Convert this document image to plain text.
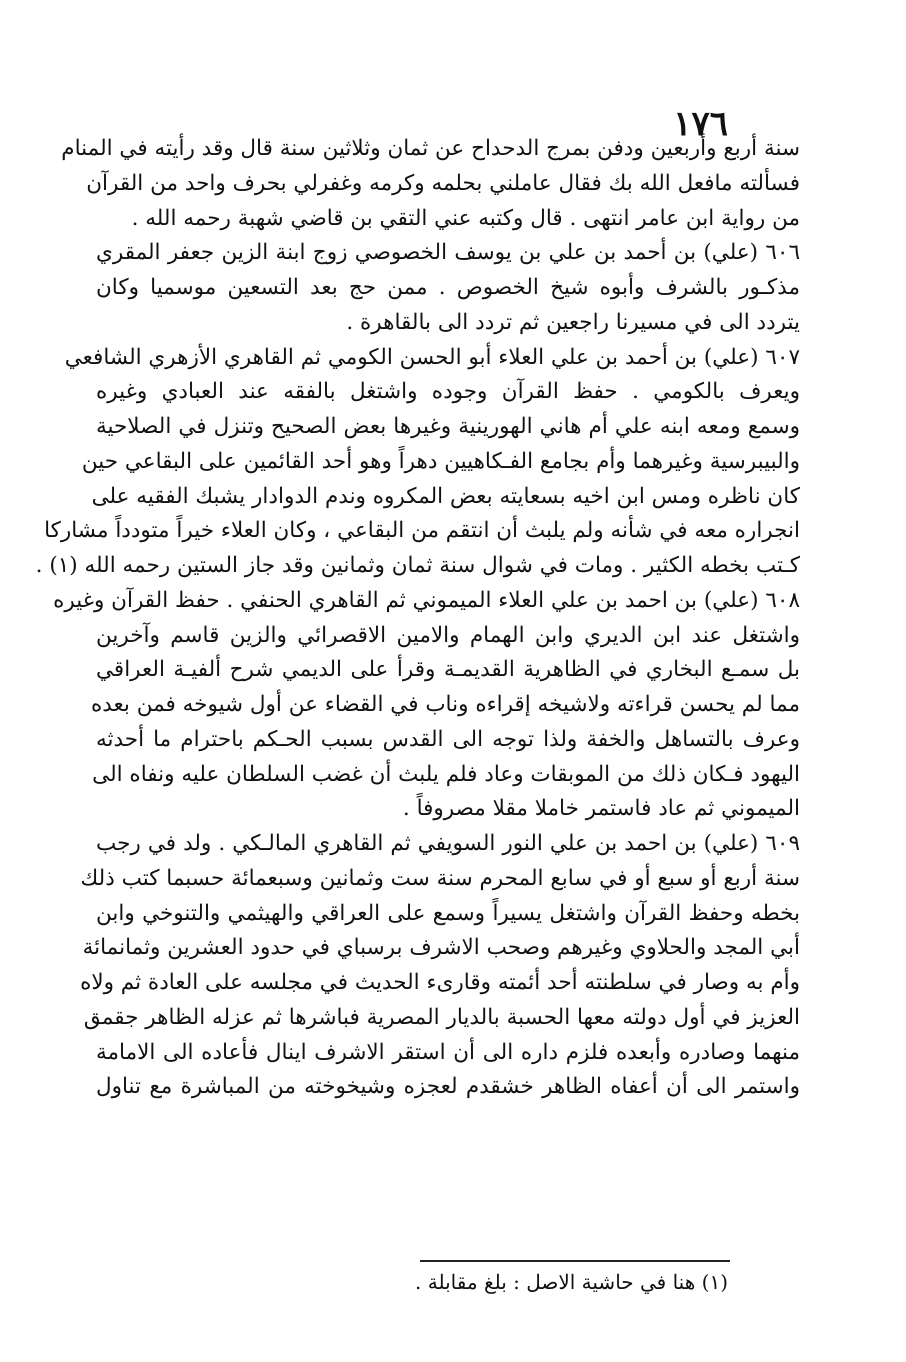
١٧٦
سنة أربع وأربعين ودفن بمرج الدحداح عن ثمان وثلاثين سنة قال وقد رأيته في المنام
فسألته مافعل الله بك فقال عاملني بحلمه وكرمه وغفرلي بحرف واحد من القرآن
من رواية ابن عامر انتهى . قال وكتبه عني التقي بن قاضي شهبة رحمه الله .
٦٠٦ (علي) بن أحمد بن علي بن يوسف الخصوصي زوج ابنة الزين جعفر المقري
مذكـور بالشرف وأبوه شيخ الخصوص . ممن حج بعد التسعين موسميا وكان
يتردد الى في مسيرنا راجعين ثم تردد الى بالقاهرة .
٦٠٧ (علي) بن أحمد بن علي العلاء أبو الحسن الكومي ثم القاهري الأزهري الشافعي
ويعرف بالكومي . حفظ القرآن وجوده واشتغل بالفقه عند العبادي وغيره
وسمع ومعه ابنه علي أم هاني الهورينية وغيرها بعض الصحيح وتنزل في الصلاحية
والبيبرسية وغيرهما وأم بجامع الفـكاهيين دهراً وهو أحد القائمين على البقاعي حين
كان ناظره ومس ابن اخيه بسعايته بعض المكروه وندم الدوادار يشبك الفقيه على
انجراره معه في شأنه ولم يلبث أن انتقم من البقاعي ، وكان العلاء خيراً متودداً مشاركا
كـتب بخطه الكثير . ومات في شوال سنة ثمان وثمانين وقد جاز الستين رحمه الله (١) .
٦٠٨ (علي) بن احمد بن علي العلاء الميموني ثم القاهري الحنفي . حفظ القرآن وغيره
واشتغل عند ابن الديري وابن الهمام والامين الاقصرائي والزين قاسم وآخرين
بل سمـع البخاري في الظاهرية القديمـة وقرأ على الديمي شرح ألفيـة العراقي
مما لم يحسن قراءته ولاشيخه إقراءه وناب في القضاء عن أول شيوخه فمن بعده
وعرف بالتساهل والخفة ولذا توجه الى القدس بسبب الحـكم باحترام ما أحدثه
اليهود فـكان ذلك من الموبقات وعاد فلم يلبث أن غضب السلطان عليه ونفاه الى
الميموني ثم عاد فاستمر خاملا مقلا مصروفاً .
٦٠٩ (علي) بن احمد بن علي النور السويفي ثم القاهري المالـكي . ولد في رجب
سنة أربع أو سبع أو في سابع المحرم سنة ست وثمانين وسبعمائة حسبما كتب ذلك
بخطه وحفظ القرآن واشتغل يسيراً وسمع على العراقي والهيثمي والتنوخي وابن
أبي المجد والحلاوي وغيرهم وصحب الاشرف برسباي في حدود العشرين وثمانمائة
وأم به وصار في سلطنته أحد أئمته وقارىء الحديث في مجلسه على العادة ثم ولاه
العزيز في أول دولته معها الحسبة بالديار المصرية فباشرها ثم عزله الظاهر جقمق
منهما وصادره وأبعده فلزم داره الى أن استقر الاشرف اينال فأعاده الى الامامة
واستمر الى أن أعفاه الظاهر خشقدم لعجزه وشيخوخته من المباشرة مع تناول
(١) هنا في حاشية الاصل : بلغ مقابلة .
